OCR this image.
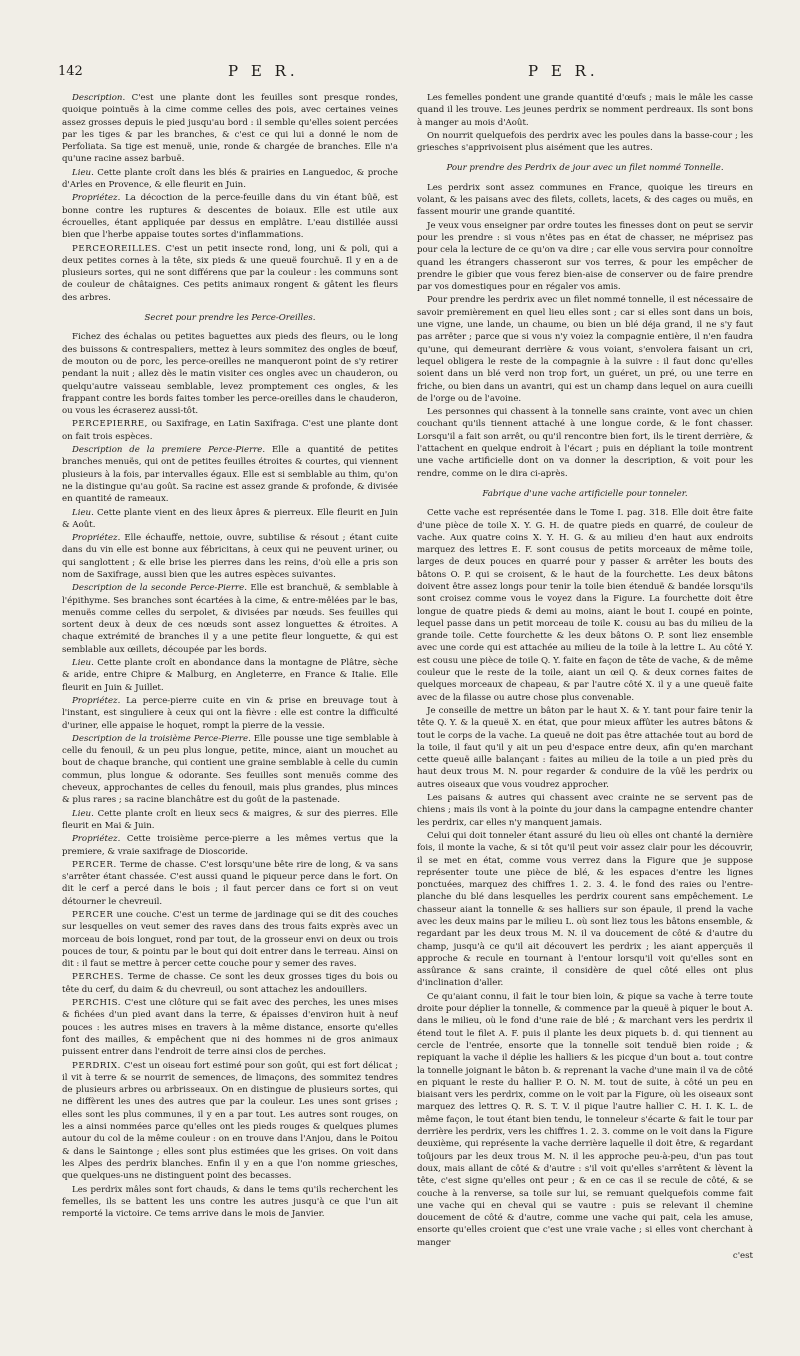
142	P E R.	P E R.

Description. C'est une plante dont les feuilles sont presque rondes, quoique pointuës à la cime comme celles des pois, avec certaines veines assez grosses depuis le pied jusqu'au bord : il semble qu'elles soient percées par les tiges & par les branches, & c'est ce qui lui a donné le nom de Perfoliata. Sa tige est menuë, unie, ronde & chargée de branches. Elle n'a qu'une racine assez barbuë.

Lieu. Cette plante croît dans les blés & prairies en Languedoc, & proche d'Arles en Provence, & elle fleurit en Juin.

Propriétez. La décoction de la perce-feuille dans du vin étant bûë, est bonne contre les ruptures & descentes de boiaux. Elle est utile aux écrouelles, étant appliquée par dessus en emplâtre. L'eau distillée aussi bien que l'herbe appaise toutes sortes d'inflammations.

PERCEOREILLES. C'est un petit insecte rond, long, uni & poli, qui a deux petites cornes à la tête, six pieds & une queuë fourchuë. Il y en a de plusieurs sortes, qui ne sont différens que par la couleur : les communs sont de couleur de châtaignes. Ces petits animaux rongent & gâtent les fleurs des arbres.

Secret pour prendre les Perce-Oreilles.

Fichez des échalas ou petites baguettes aux pieds des fleurs, ou le long des buissons & contrespaliers, mettez à leurs sommitez des ongles de bœuf, de mouton ou de porc, les perce-oreilles ne manqueront point de s'y retirer pendant la nuit ; allez dès le matin visiter ces ongles avec un chauderon, ou quelqu'autre vaisseau semblable, levez promptement ces ongles, & les frappant contre les bords faites tomber les perce-oreilles dans le chauderon, ou vous les écraserez aussi-tôt.

PERCEPIERRE, ou Saxifrage, en Latin Saxifraga. C'est une plante dont on fait trois espèces.

Description de la premiere Perce-Pierre. Elle a quantité de petites branches menuës, qui ont de petites feuilles étroites & courtes, qui viennent plusieurs à la fois, par intervalles égaux. Elle est si semblable au thim, qu'on ne la distingue qu'au goût. Sa racine est assez grande & profonde, & divisée en quantité de rameaux.

Lieu. Cette plante vient en des lieux âpres & pierreux. Elle fleurit en Juin & Août.

Propriétez. Elle échauffe, nettoie, ouvre, subtilise & résout ; étant cuite dans du vin elle est bonne aux fébricitans, à ceux qui ne peuvent uriner, ou qui sanglottent ; & elle brise les pierres dans les reins, d'où elle a pris son nom de Saxifrage, aussi bien que les autres espèces suivantes.

Description de la seconde Perce-Pierre. Elle est branchuë, & semblable à l'épithyme. Ses branches sont écartées à la cime, & entre-mêlées par le bas, menuës comme celles du serpolet, & divisées par nœuds. Ses feuilles qui sortent deux à deux de ces nœuds sont assez longuettes & étroites. A chaque extrémité de branches il y a une petite fleur longuette, & qui est semblable aux œillets, découpée par les bords.

Lieu. Cette plante croît en abondance dans la montagne de Plâtre, sèche & aride, entre Chipre & Malburg, en Angleterre, en France & Italie. Elle fleurit en Juin & Juillet.

Propriétez. La perce-pierre cuite en vin & prise en breuvage tout à l'instant, est singuliere à ceux qui ont la fièvre : elle est contre la difficulté d'uriner, elle appaise le hoquet, rompt la pierre de la vessie.

Description de la troisième Perce-Pierre. Elle pousse une tige semblable à celle du fenouil, & un peu plus longue, petite, mince, aiant un mouchet au bout de chaque branche, qui contient une graine semblable à celle du cumin commun, plus longue & odorante. Ses feuilles sont menuës comme des cheveux, approchantes de celles du fenouil, mais plus grandes, plus minces & plus rares ; sa racine blanchâtre est du goût de la pastenade.

Lieu. Cette plante croît en lieux secs & maigres, & sur des pierres. Elle fleurit en Mai & Juin.

Propriétez. Cette troisième perce-pierre a les mêmes vertus que la premiere, & vraie saxifrage de Dioscoride.

PERCER. Terme de chasse. C'est lorsqu'une bête rire de long, & va sans s'arrêter étant chassée. C'est aussi quand le piqueur perce dans le fort. On dit le cerf a percé dans le bois ; il faut percer dans ce fort si on veut détourner le chevreuil.

PERCER une couche. C'est un terme de jardinage qui se dit des couches sur lesquelles on veut semer des raves dans des trous faits exprès avec un morceau de bois longuet, rond par tout, de la grosseur envi on deux ou trois pouces de tour, & pointu par le bout qui doit entrer dans le terreau. Ainsi on dit : il faut se mettre à percer cette couche pour y semer des raves.

PERCHES. Terme de chasse. Ce sont les deux grosses tiges du bois ou tête du cerf, du daim & du chevreuil, ou sont attachez les andouillers.

PERCHIS. C'est une clôture qui se fait avec des perches, les unes mises & fichées d'un pied avant dans la terre, & épaisses d'environ huit à neuf pouces : les autres mises en travers à la même distance, ensorte qu'elles font des mailles, & empêchent que ni des hommes ni de gros animaux puissent entrer dans l'endroit de terre ainsi clos de perches.

PERDRIX. C'est un oiseau fort estimé pour son goût, qui est fort délicat ; il vit à terre & se nourrit de semences, de limaçons, des sommitez tendres de plusieurs arbres ou arbrisseaux. On en distingue de plusieurs sortes, qui ne diffèrent les unes des autres que par la couleur. Les unes sont grises ; elles sont les plus communes, il y en a par tout. Les autres sont rouges, on les a ainsi nommées parce qu'elles ont les pieds rouges & quelques plumes autour du col de la même couleur : on en trouve dans l'Anjou, dans le Poitou & dans le Saintonge ; elles sont plus estimées que les grises. On voit dans les Alpes des perdrix blanches. Enfin il y en a que l'on nomme griesches, que quelques-uns ne distinguent point des becasses.

Les perdrix mâles sont fort chauds, & dans le tems qu'ils recherchent les femelles, ils se battent les uns contre les autres jusqu'à ce que l'un ait remporté la victoire. Ce tems arrive dans le mois de Janvier.

Les femelles pondent une grande quantité d'œufs ; mais le mâle les casse quand il les trouve. Les jeunes perdrix se nomment perdreaux. Ils sont bons à manger au mois d'Août.

On nourrit quelquefois des perdrix avec les poules dans la basse-cour ; les griesches s'apprivoisent plus aisément que les autres.

Pour prendre des Perdrix de jour avec un filet nommé Tonnelle.

Les perdrix sont assez communes en France, quoique les tireurs en volant, & les paisans avec des filets, collets, lacets, & des cages ou muës, en fassent mourir une grande quantité.

Je veux vous enseigner par ordre toutes les finesses dont on peut se servir pour les prendre : si vous n'êtes pas en état de chasser, ne méprisez pas pour cela la lecture de ce qu'on va dire ; car elle vous servira pour connoître quand les étrangers chasseront sur vos terres, & pour les empêcher de prendre le gibier que vous ferez bien-aise de conserver ou de faire prendre par vos domestiques pour en régaler vos amis.

Pour prendre les perdrix avec un filet nommé tonnelle, il est nécessaire de savoir premièrement en quel lieu elles sont ; car si elles sont dans un bois, une vigne, une lande, un chaume, ou bien un blé déja grand, il ne s'y faut pas arrêter ; parce que si vous n'y voiez la compagnie entière, il n'en faudra qu'une, qui demeurant derrière & vous voiant, s'envolera faisant un cri, lequel obligera le reste de la compagnie à la suivre : il faut donc qu'elles soient dans un blé verd non trop fort, un guéret, un pré, ou une terre en friche, ou bien dans un avantri, qui est un champ dans lequel on aura cueilli de l'orge ou de l'avoine.

Les personnes qui chassent à la tonnelle sans crainte, vont avec un chien couchant qu'ils tiennent attaché à une longue corde, & le font chasser. Lorsqu'il a fait son arrêt, ou qu'il rencontre bien fort, ils le tirent derrière, & l'attachent en quelque endroit à l'écart ; puis en dépliant la toile montrent une vache artificielle dont on va donner la description, & voit pour les rendre, comme on le dira ci-après.

Fabrique d'une vache artificielle pour tonneler.

Cette vache est représentée dans le Tome I. pag. 318. Elle doit être faite d'une pièce de toile X. Y. G. H. de quatre pieds en quarré, de couleur de vache. Aux quatre coins X. Y. H. G. & au milieu d'en haut aux endroits marquez des lettres E. F. sont cousus de petits morceaux de même toile, larges de deux pouces en quarré pour y passer & arrêter les bouts des bâtons O. P. qui se croisent, & le haut de la fourchette. Les deux bâtons doivent être assez longs pour tenir la toile bien étenduë & bandée lorsqu'ils sont croisez comme vous le voyez dans la Figure. La fourchette doit être longue de quatre pieds & demi au moins, aiant le bout I. coupé en pointe, lequel passe dans un petit morceau de toile K. cousu au bas du milieu de la grande toile. Cette fourchette & les deux bâtons O. P. sont liez ensemble avec une corde qui est attachée au milieu de la toile à la lettre L. Au côté Y. est cousu une pièce de toile Q. Y. faite en façon de tête de vache, & de même couleur que le reste de la toile, aiant un œil Q. & deux cornes faites de quelques morceaux de chapeau, & par l'autre côté X. il y a une queuë faite avec de la filasse ou autre chose plus convenable.

Je conseille de mettre un bâton par le haut X. & Y. tant pour faire tenir la tête Q. Y. & la queuë X. en état, que pour mieux affûter les autres bâtons & tout le corps de la vache. La queuë ne doit pas être attachée tout au bord de la toile, il faut qu'il y ait un peu d'espace entre deux, afin qu'en marchant cette queuë aille balançant : faites au milieu de la toile a un pied près du haut deux trous M. N. pour regarder & conduire de la vûë les perdrix ou autres oiseaux que vous voudrez approcher.

Les paisans & autres qui chassent avec crainte ne se servent pas de chiens ; mais ils vont à la pointe du jour dans la campagne entendre chanter les perdrix, car elles n'y manquent jamais.

Celui qui doit tonneler étant assuré du lieu où elles ont chanté la dernière fois, il monte la vache, & si tôt qu'il peut voir assez clair pour les découvrir, il se met en état, comme vous verrez dans la Figure que je suppose représenter toute une pièce de blé, & les espaces d'entre les lignes ponctuées, marquez des chiffres 1. 2. 3. 4. le fond des raies ou l'entre-planche du blé dans lesquelles les perdrix courent sans empêchement. Le chasseur aiant la tonnelle & ses halliers sur son épaule, il prend la vache avec les deux mains par le milieu L. où sont liez tous les bâtons ensemble, & regardant par les deux trous M. N. il va doucement de côté & d'autre du champ, jusqu'à ce qu'il ait découvert les perdrix ; les aiant apperçuës il approche & recule en tournant à l'entour lorsqu'il voit qu'elles sont en assûrance & sans crainte, il considère de quel côté elles ont plus d'inclination d'aller.

Ce qu'aiant connu, il fait le tour bien loin, & pique sa vache à terre toute droite pour déplier la tonnelle, & commence par la queuë à piquer le bout A. dans le milieu, où le fond d'une raie de blé ; & marchant vers les perdrix il étend tout le filet A. F. puis il plante les deux piquets b. d. qui tiennent au cercle de l'entrée, ensorte que la tonnelle soit tenduë bien roide ; & repiquant la vache il déplie les halliers & les picque d'un bout a. tout contre la tonnelle joignant le bâton b. & reprenant la vache d'une main il va de côté en piquant le reste du hallier P. O. N. M. tout de suite, à côté un peu en biaisant vers les perdrix, comme on le voit par la Figure, où les oiseaux sont marquez des lettres Q. R. S. T. V. il pique l'autre hallier C. H. I. K. L. de même façon, le tout étant bien tendu, le tonneleur s'écarte & fait le tour par derrière les perdrix, vers les chiffres 1. 2. 3. comme on le voit dans la Figure deuxième, qui représente la vache derrière laquelle il doit être, & regardant toûjours par les deux trous M. N. il les approche peu-à-peu, d'un pas tout doux, mais allant de côté & d'autre : s'il voit qu'elles s'arrêtent & lèvent la tête, c'est signe qu'elles ont peur ; & en ce cas il se recule de côté, & se couche à la renverse, sa toile sur lui, se remuant quelquefois comme fait une vache qui en cheval qui se vautre : puis se relevant il chemine doucement de côté & d'autre, comme une vache qui pait, cela les amuse, ensorte qu'elles croient que c'est une vraie vache ; si elles vont cherchant à manger

c'est
